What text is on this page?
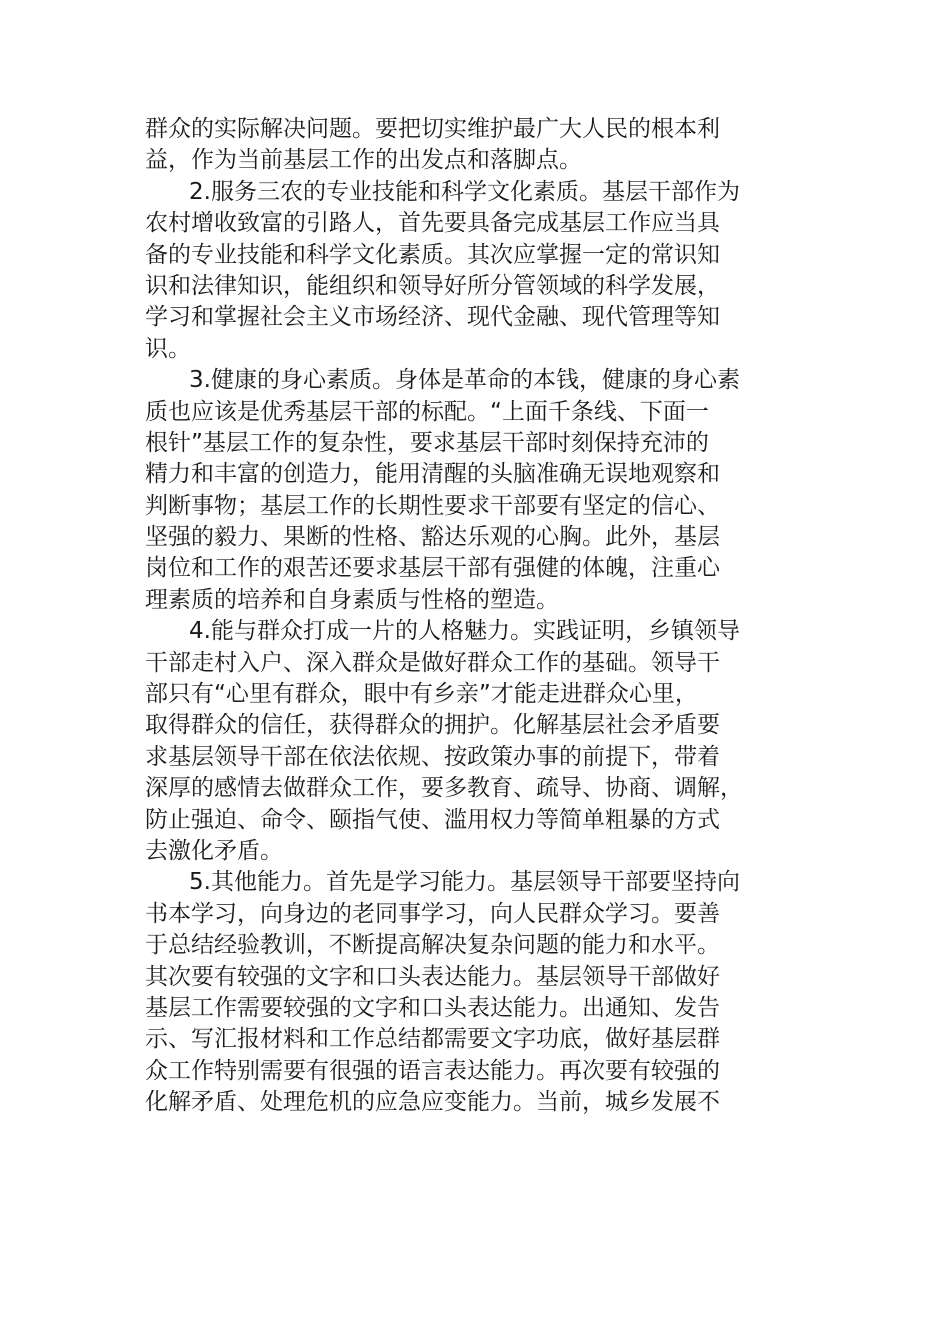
群众的实际解决问题。要把切实维护最广大人民的根本利
益，作为当前基层工作的出发点和落脚点。
2.服务三农的专业技能和科学文化素质。基层干部作为
农村增收致富的引路人，首先要具备完成基层工作应当具
备的专业技能和科学文化素质。其次应掌握一定的常识知
识和法律知识，能组织和领导好所分管领域的科学发展，
学习和掌握社会主义市场经济、现代金融、现代管理等知
识。
3.健康的身心素质。身体是革命的本钱，健康的身心素
质也应该是优秀基层干部的标配。“上面千条线、下面一
根针”基层工作的复杂性，要求基层干部时刻保持充沛的
精力和丰富的创造力，能用清醒的头脑准确无误地观察和
判断事物；基层工作的长期性要求干部要有坚定的信心、
坚强的毅力、果断的性格、豁达乐观的心胸。此外，基层
岗位和工作的艰苦还要求基层干部有强健的体魄，注重心
理素质的培养和自身素质与性格的塑造。
4.能与群众打成一片的人格魅力。实践证明，乡镇领导
干部走村入户、深入群众是做好群众工作的基础。领导干
部只有“心里有群众，眼中有乡亲”才能走进群众心里，
取得群众的信任，获得群众的拥护。化解基层社会矛盾要
求基层领导干部在依法依规、按政策办事的前提下，带着
深厚的感情去做群众工作，要多教育、疏导、协商、调解，
防止强迫、命令、颐指气使、滥用权力等简单粗暴的方式
去激化矛盾。
5.其他能力。首先是学习能力。基层领导干部要坚持向
书本学习，向身边的老同事学习，向人民群众学习。要善
于总结经验教训，不断提高解决复杂问题的能力和水平。
其次要有较强的文字和口头表达能力。基层领导干部做好
基层工作需要较强的文字和口头表达能力。出通知、发告
示、写汇报材料和工作总结都需要文字功底，做好基层群
众工作特别需要有很强的语言表达能力。再次要有较强的
化解矛盾、处理危机的应急应变能力。当前，城乡发展不
